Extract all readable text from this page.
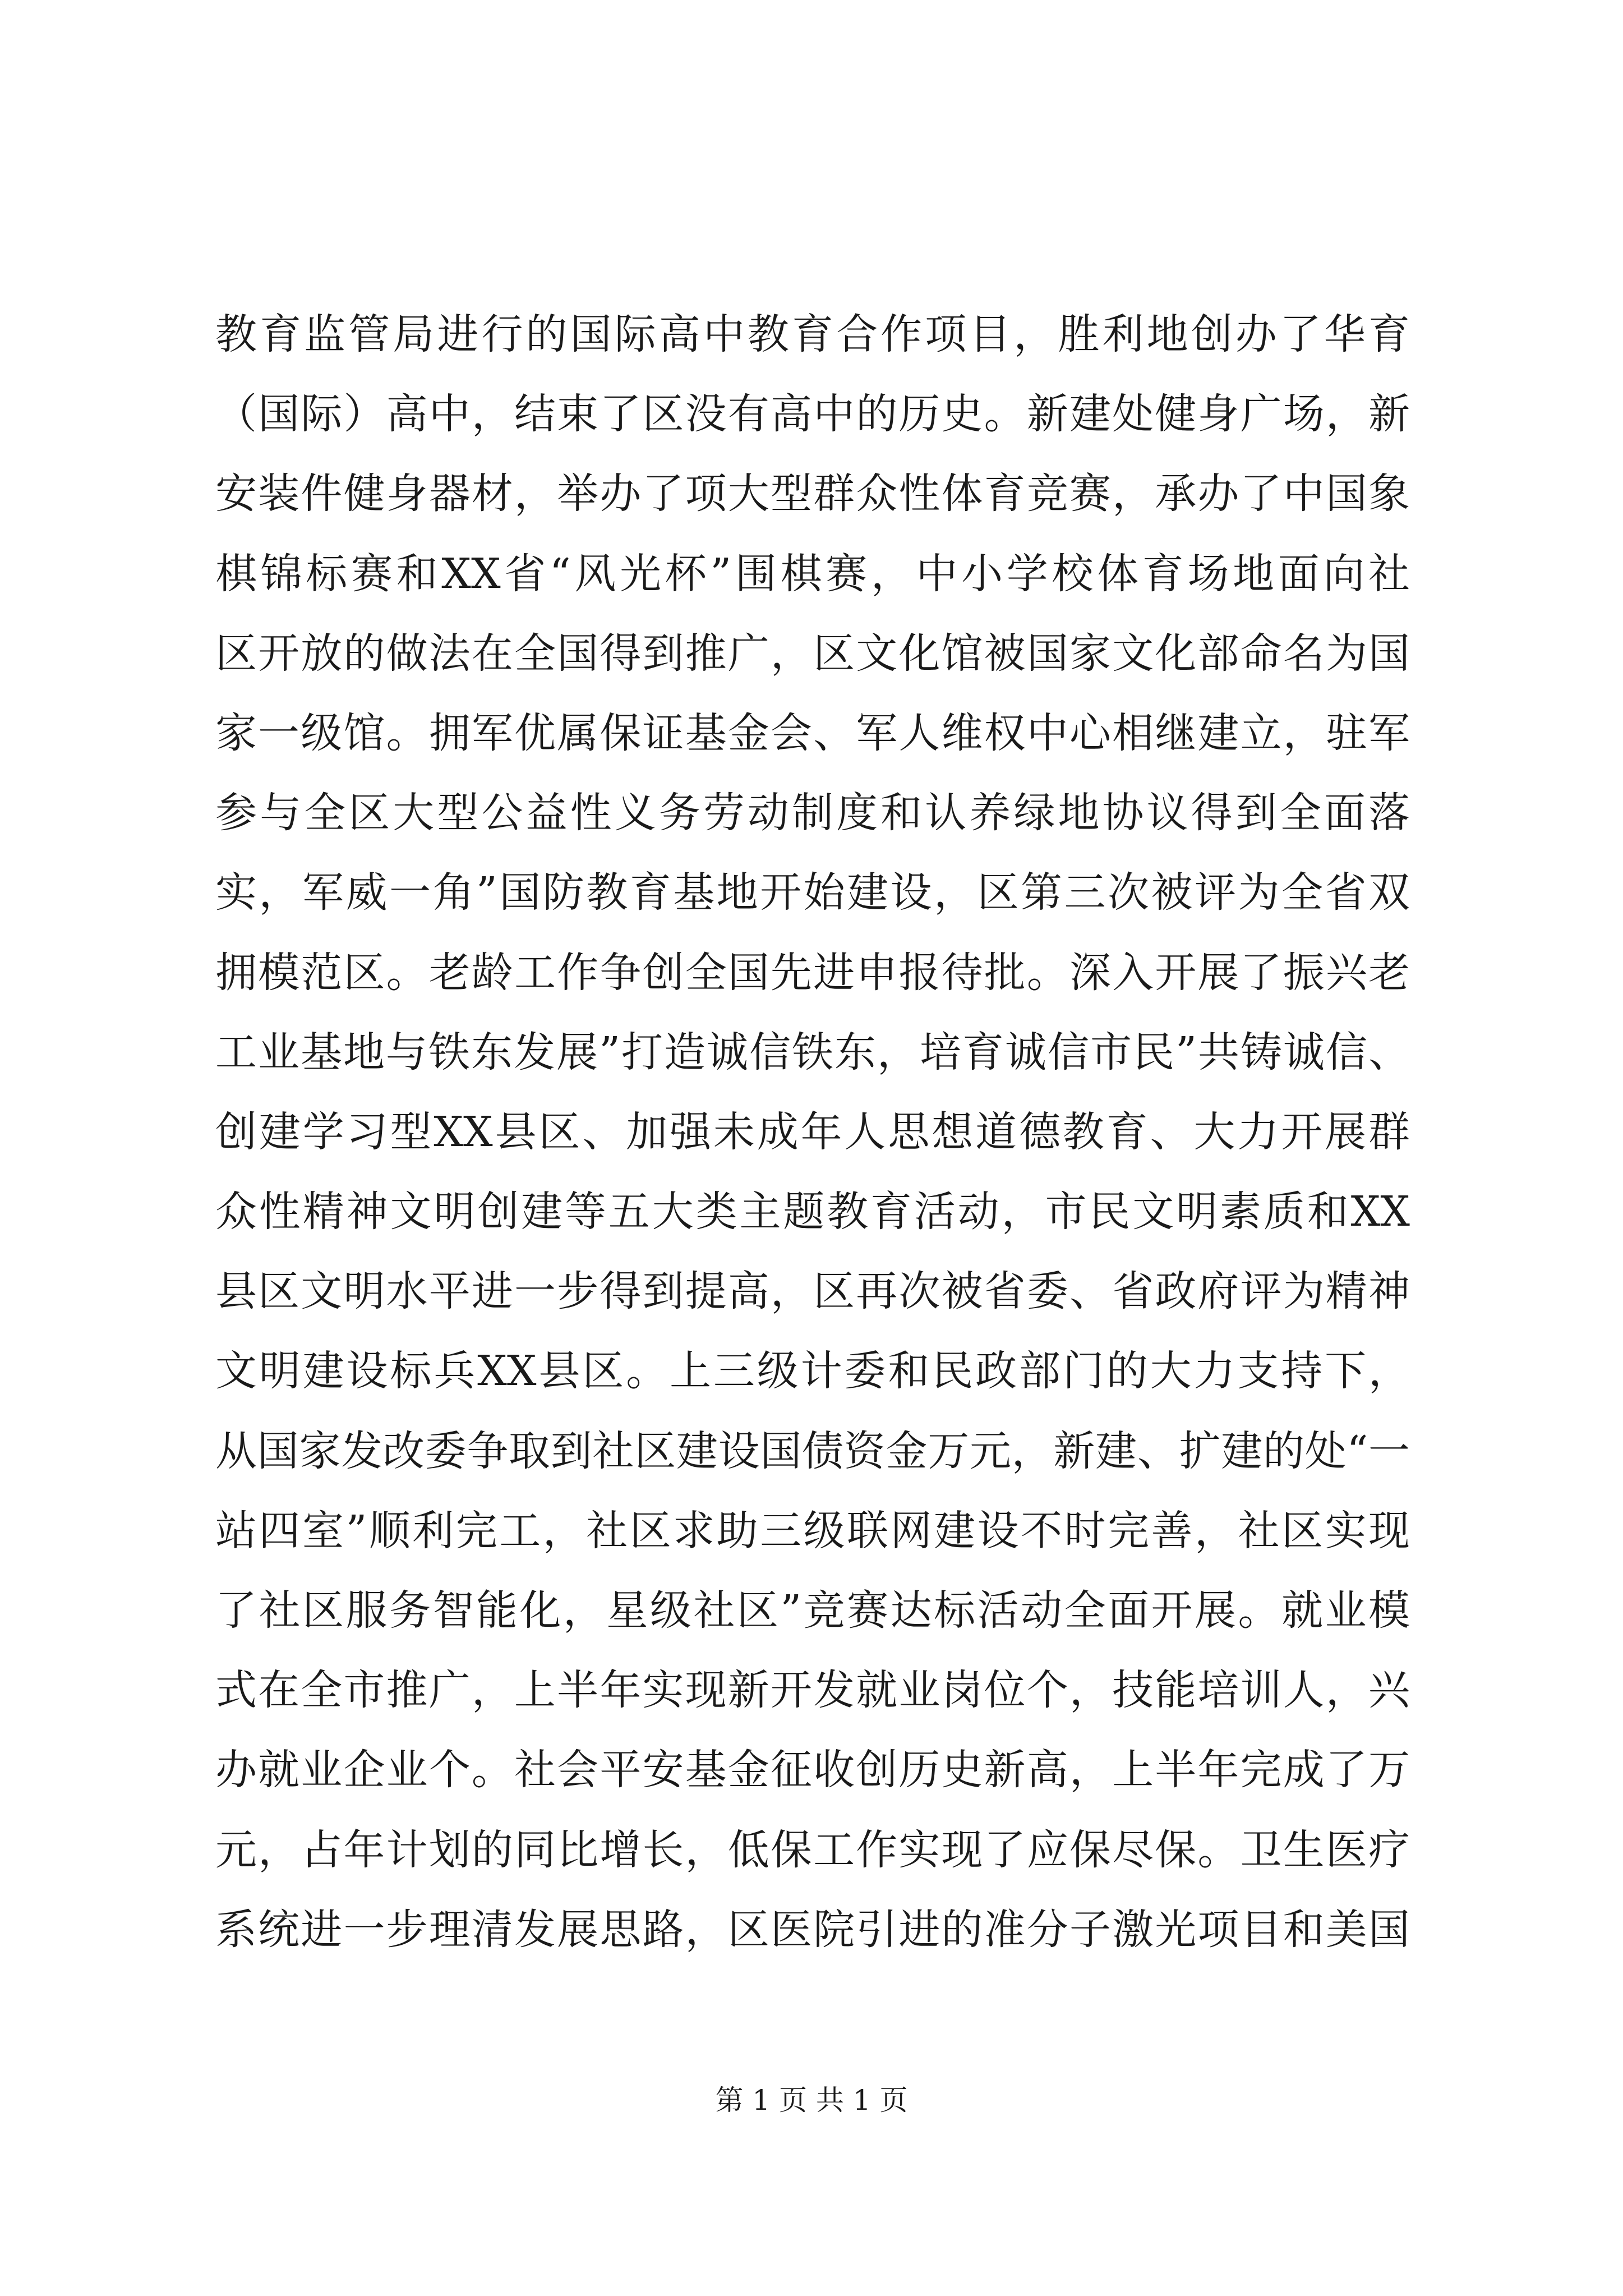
教育监管局进行的国际高中教育合作项目，胜利地创办了华育
（国际）高中，结束了区没有高中的历史。新建处健身广场，新
安装件健身器材，举办了项大型群众性体育竞赛，承办了中国象
棋锦标赛和XX省“风光杯”围棋赛，中小学校体育场地面向社
区开放的做法在全国得到推广，区文化馆被国家文化部命名为国
家一级馆。拥军优属保证基金会、军人维权中心相继建立，驻军
参与全区大型公益性义务劳动制度和认养绿地协议得到全面落
实，军威一角”国防教育基地开始建设，区第三次被评为全省双
拥模范区。老龄工作争创全国先进申报待批。深入开展了振兴老
工业基地与铁东发展”打造诚信铁东，培育诚信市民”共铸诚信、
创建学习型XX县区、加强未成年人思想道德教育、大力开展群
众性精神文明创建等五大类主题教育活动，市民文明素质和XX
县区文明水平进一步得到提高，区再次被省委、省政府评为精神
文明建设标兵XX县区。上三级计委和民政部门的大力支持下，
从国家发改委争取到社区建设国债资金万元，新建、扩建的处“一
站四室”顺利完工，社区求助三级联网建设不时完善，社区实现
了社区服务智能化，星级社区”竞赛达标活动全面开展。就业模
式在全市推广，上半年实现新开发就业岗位个，技能培训人，兴
办就业企业个。社会平安基金征收创历史新高，上半年完成了万
元，占年计划的同比增长，低保工作实现了应保尽保。卫生医疗
系统进一步理清发展思路，区医院引进的准分子激光项目和美国
第 1 页 共 1 页
